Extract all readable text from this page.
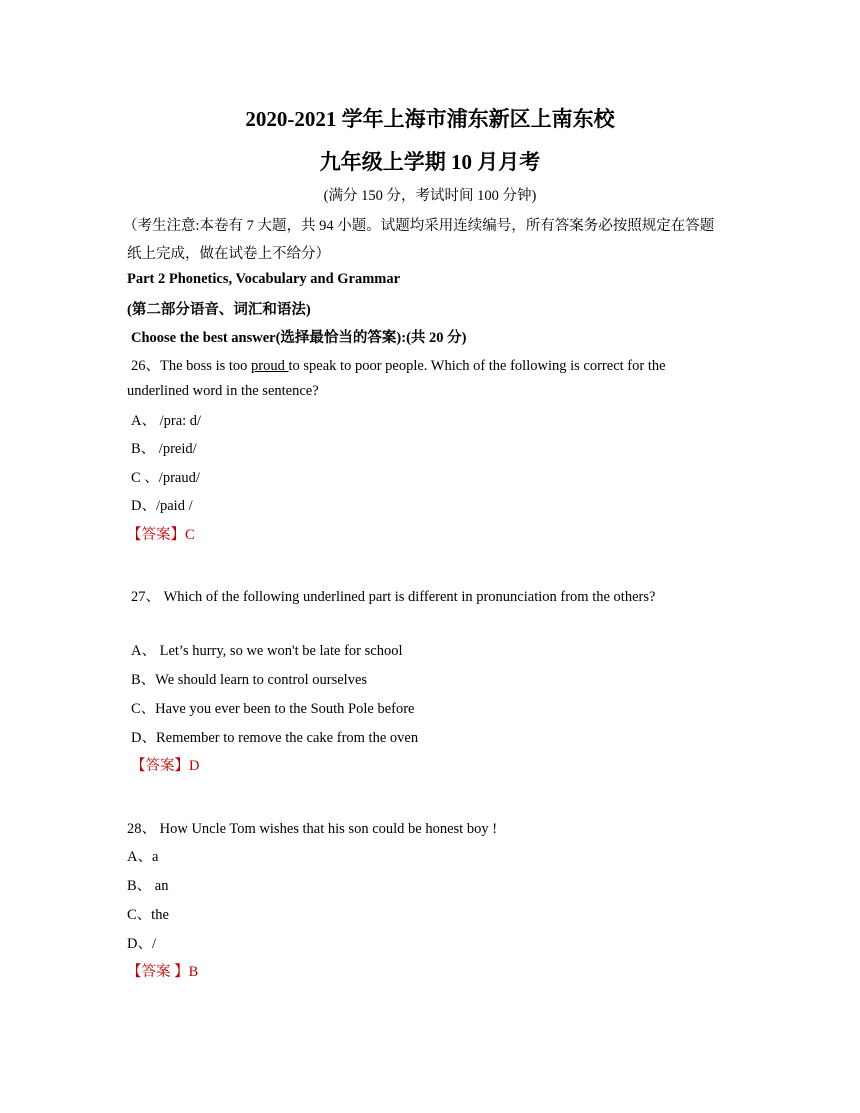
2020-2021 学年上海市浦东新区上南东校
九年级上学期 10 月月考
(满分 150 分，考试时间 100 分钟)
（考生注意:本卷有 7 大题，共 94 小题。试题均采用连续编号，所有答案务必按照规定在答题
纸上完成，做在试卷上不给分）
Part 2 Phonetics, Vocabulary and Grammar
(第二部分语音、词汇和语法)
Choose the best answer(选择最恰当的答案):(共 20 分)
26、The boss is too proud to speak to poor people. Which of the following is correct for the
underlined word in the sentence?
A、 /pra: d/
B、 /preid/
C 、/praud/
D、/paid /
【答案】C
27、 Which of the following underlined part is different in pronunciation from the others?
A、 Let’s hurry, so we won't be late for school
B、We should learn to control ourselves
C、Have you ever been to the South Pole before
D、Remember to remove the cake from the oven
【答案】D
28、 How Uncle Tom wishes that his son could be honest boy !
A、a
B、 an
C、the
D、/
【答案 】B
